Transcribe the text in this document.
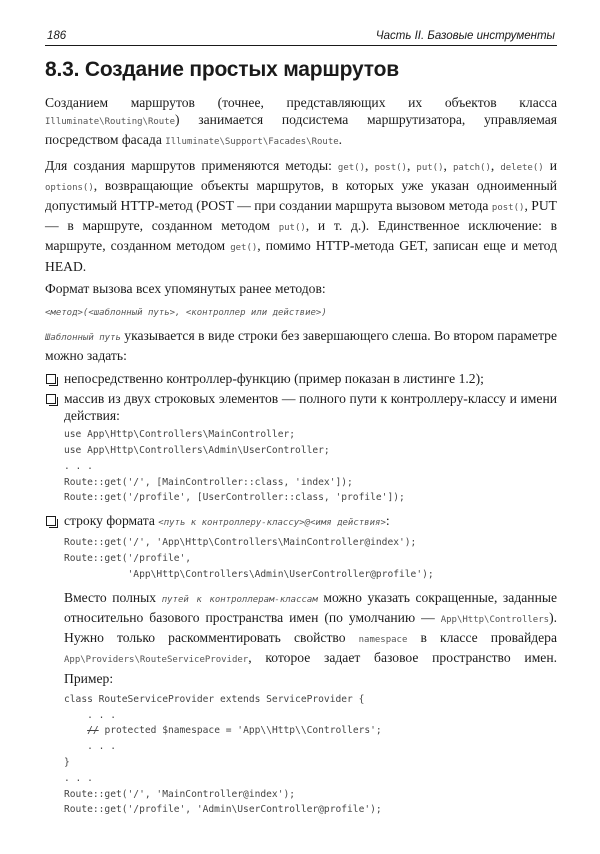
186	Часть II. Базовые инструменты
8.3. Создание простых маршрутов

Созданием маршрутов (точнее, представляющих их объектов класса Illuminate\Routing\Route) занимается подсистема маршрутизатора, управляемая посредством фасада Illuminate\Support\Facades\Route.

Для создания маршрутов применяются методы: get(), post(), put(), patch(), delete() и options(), возвращающие объекты маршрутов, в которых уже указан одноименный допустимый HTTP-метод (POST — при создании маршрута вызовом метода post(), PUT — в маршруте, созданном методом put(), и т. д.). Единственное исключение: в маршруте, созданном методом get(), помимо HTTP-метода GET, записан еще и метод HEAD.

Формат вызова всех упомянутых ранее методов:

<метод>(<шаблонный путь>, <контроллер или действие>)

Шаблонный путь указывается в виде строки без завершающего слеша. Во втором параметре можно задать:

непосредственно контроллер-функцию (пример показан в листинге 1.2);
массив из двух строковых элементов — полного пути к контроллеру-классу и имени действия:
use App\Http\Controllers\MainController;
use App\Http\Controllers\Admin\UserController;
. . .
Route::get('/', [MainController::class, 'index']);
Route::get('/profile', [UserController::class, 'profile']);
строку формата <путь к контроллеру-классу>@<имя действия>:
Route::get('/', 'App\Http\Controllers\MainController@index');
Route::get('/profile',
'App\Http\Controllers\Admin\UserController@profile');

Вместо полных путей к контроллерам-классам можно указать сокращенные, заданные относительно базового пространства имен (по умолчанию — App\Http\Controllers). Нужно только раскомментировать свойство namespace в классе провайдера App\Providers\RouteServiceProvider, которое задает базовое пространство имен. Пример:

class RouteServiceProvider extends ServiceProvider {
. . .
// protected $namespace = 'App\\Http\\Controllers';
. . .
}
. . .
Route::get('/', 'MainController@index');
Route::get('/profile', 'Admin\UserController@profile');
